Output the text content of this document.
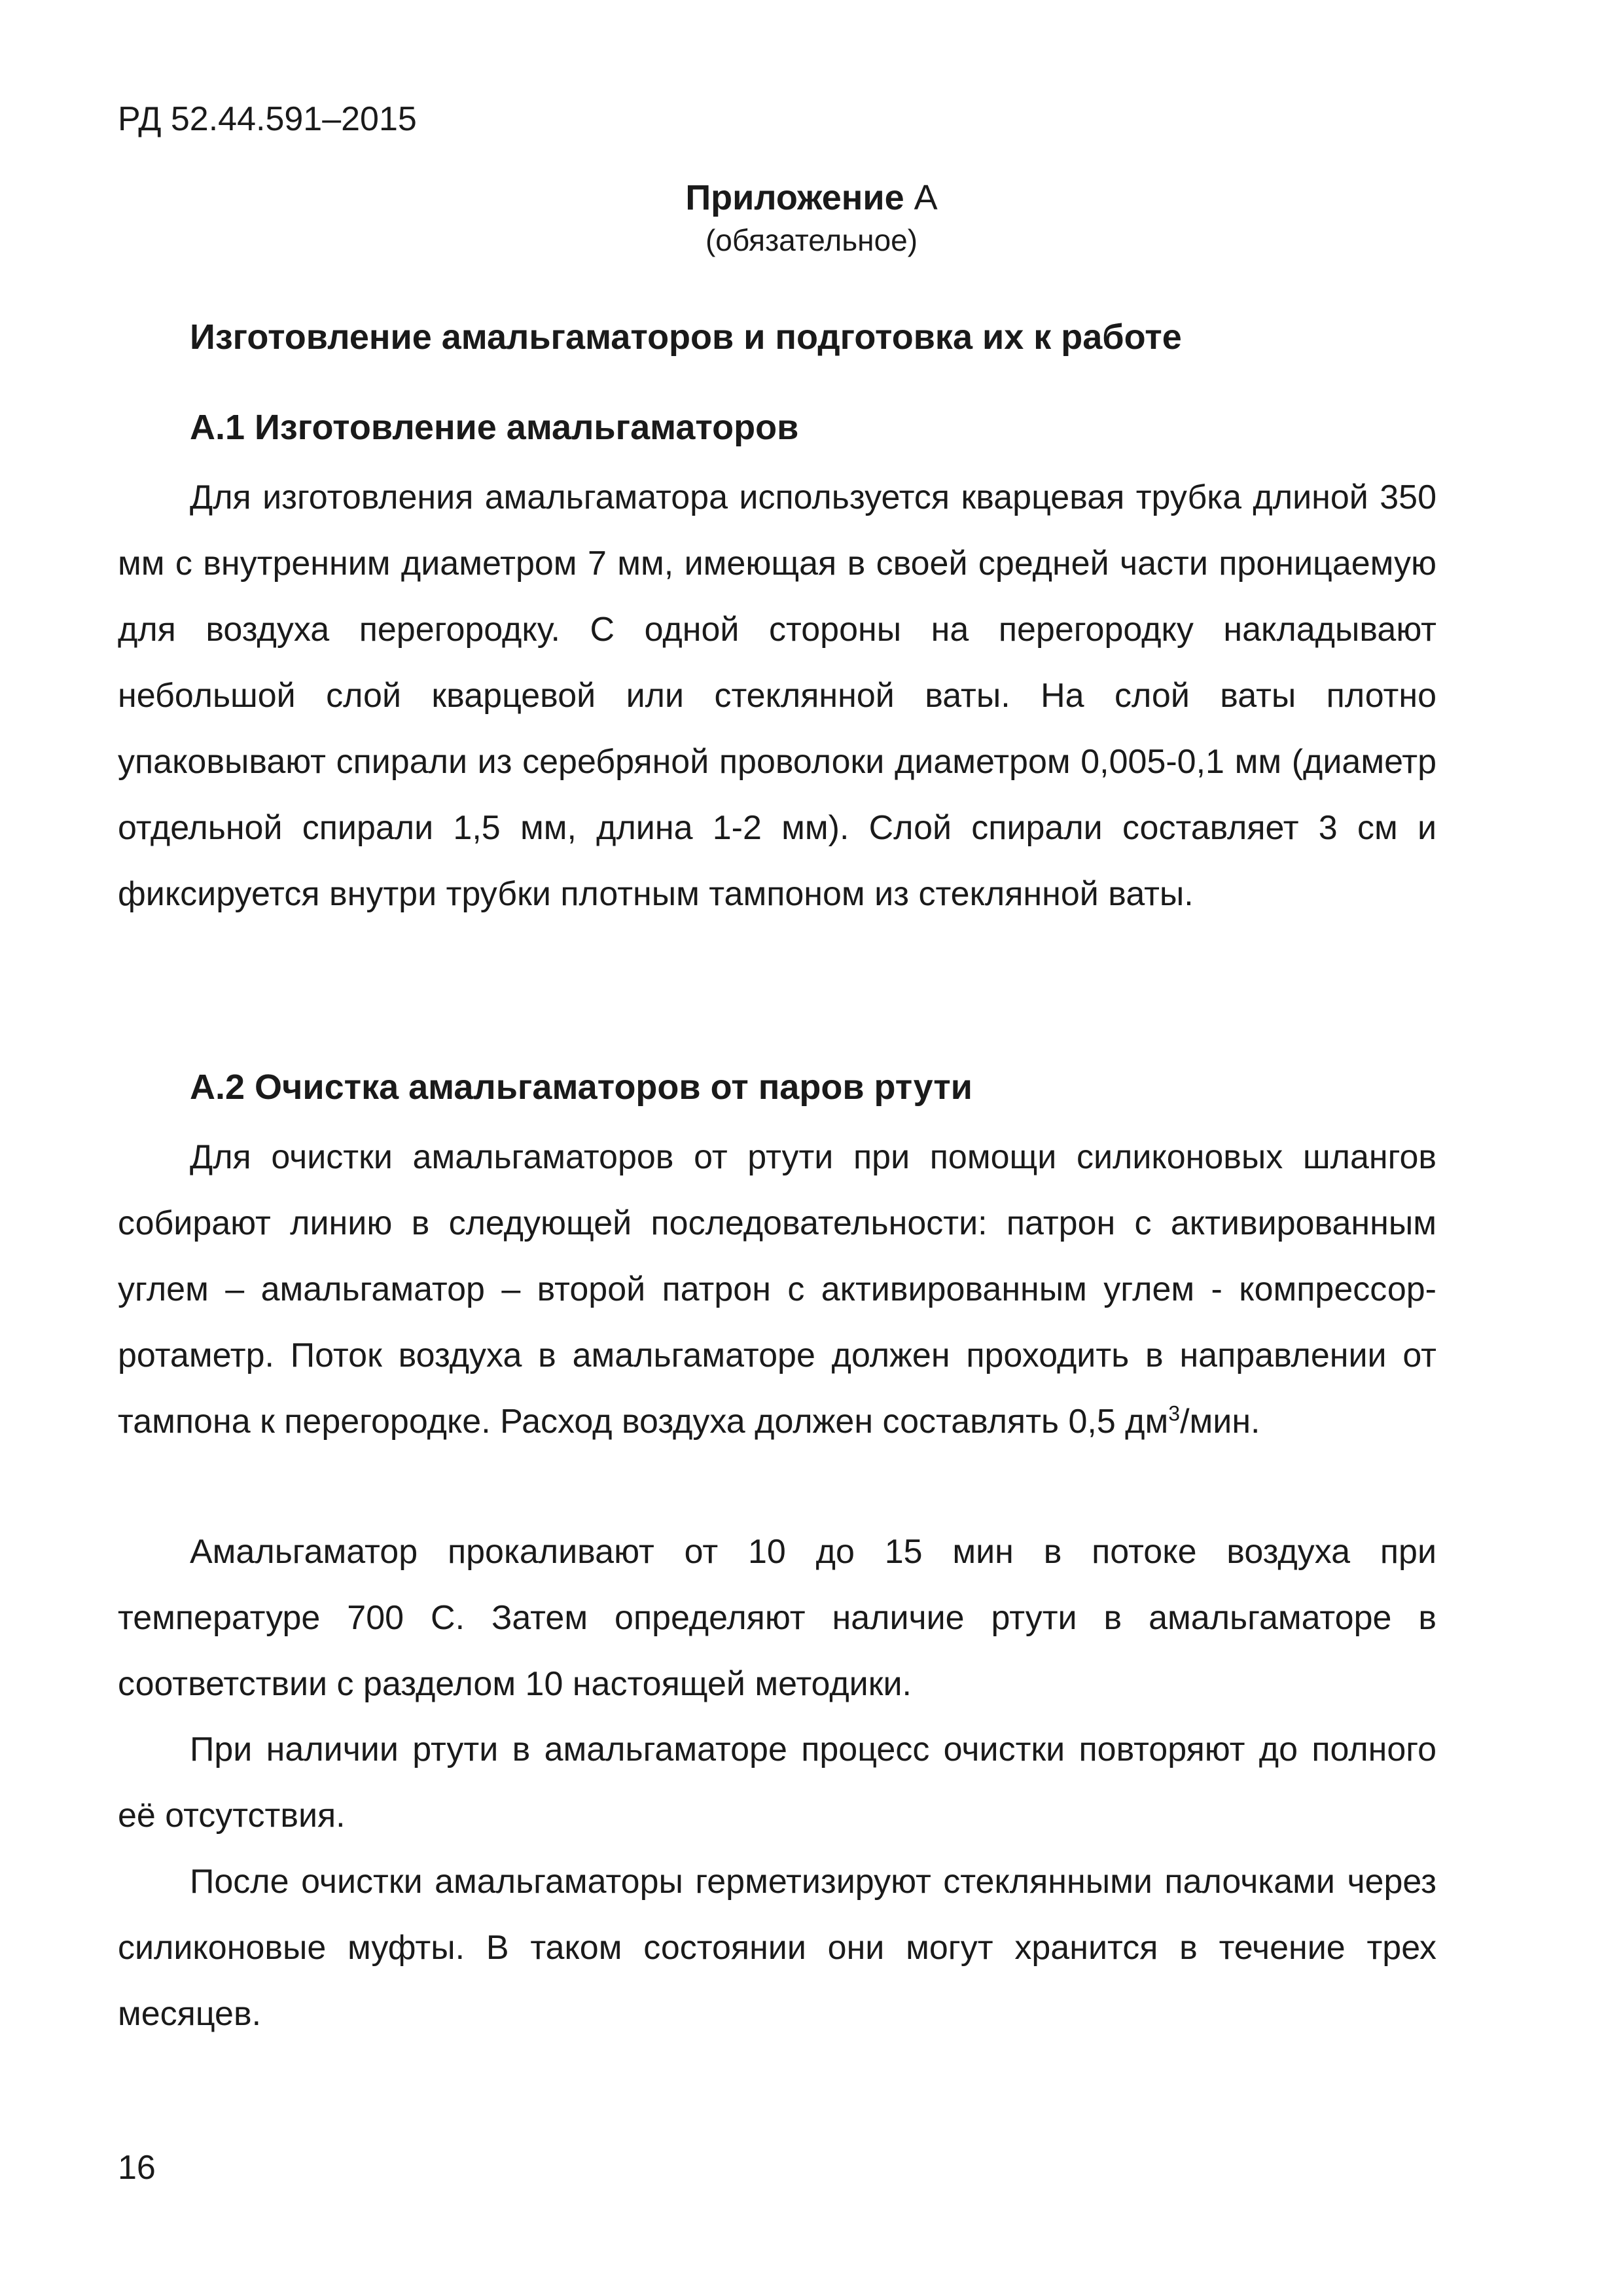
РД 52.44.591–2015

Приложение А

(обязательное)

Изготовление амальгаматоров и подготовка их к работе
А.1 Изготовление амальгаматоров

Для изготовления амальгаматора используется кварцевая трубка длиной 350 мм с внутренним диаметром 7 мм, имеющая в своей средней части проницаемую для воздуха перегородку. С одной стороны на перегородку накладывают небольшой слой кварцевой или стеклянной ваты. На слой ваты плотно упаковывают спирали из серебряной проволоки диаметром 0,005-0,1 мм (диаметр отдельной спирали 1,5 мм, длина 1-2 мм). Слой спирали составляет 3 см и фиксируется внутри трубки плотным тампоном из стеклянной ваты.

А.2 Очистка амальгаматоров от паров ртути

Для очистки амальгаматоров от ртути при помощи силиконовых шлангов собирают линию в следующей последовательности: патрон с активированным углем – амальгаматор – второй патрон с активированным углем - компрессор-ротаметр. Поток воздуха в амальгаматоре должен проходить в направлении от тампона к перегородке. Расход воздуха должен составлять 0,5 $дм^3$/мин.

Амальгаматор прокаливают от 10 до 15 мин в потоке воздуха при температуре 700 С. Затем определяют наличие ртути в амальгаматоре в соответствии с разделом 10 настоящей методики.

При наличии ртути в амальгаматоре процесс очистки повторяют до полного её отсутствия.

После очистки амальгаматоры герметизируют стеклянными палочками через силиконовые муфты. В таком состоянии они могут хранится в течение трех месяцев.

16
